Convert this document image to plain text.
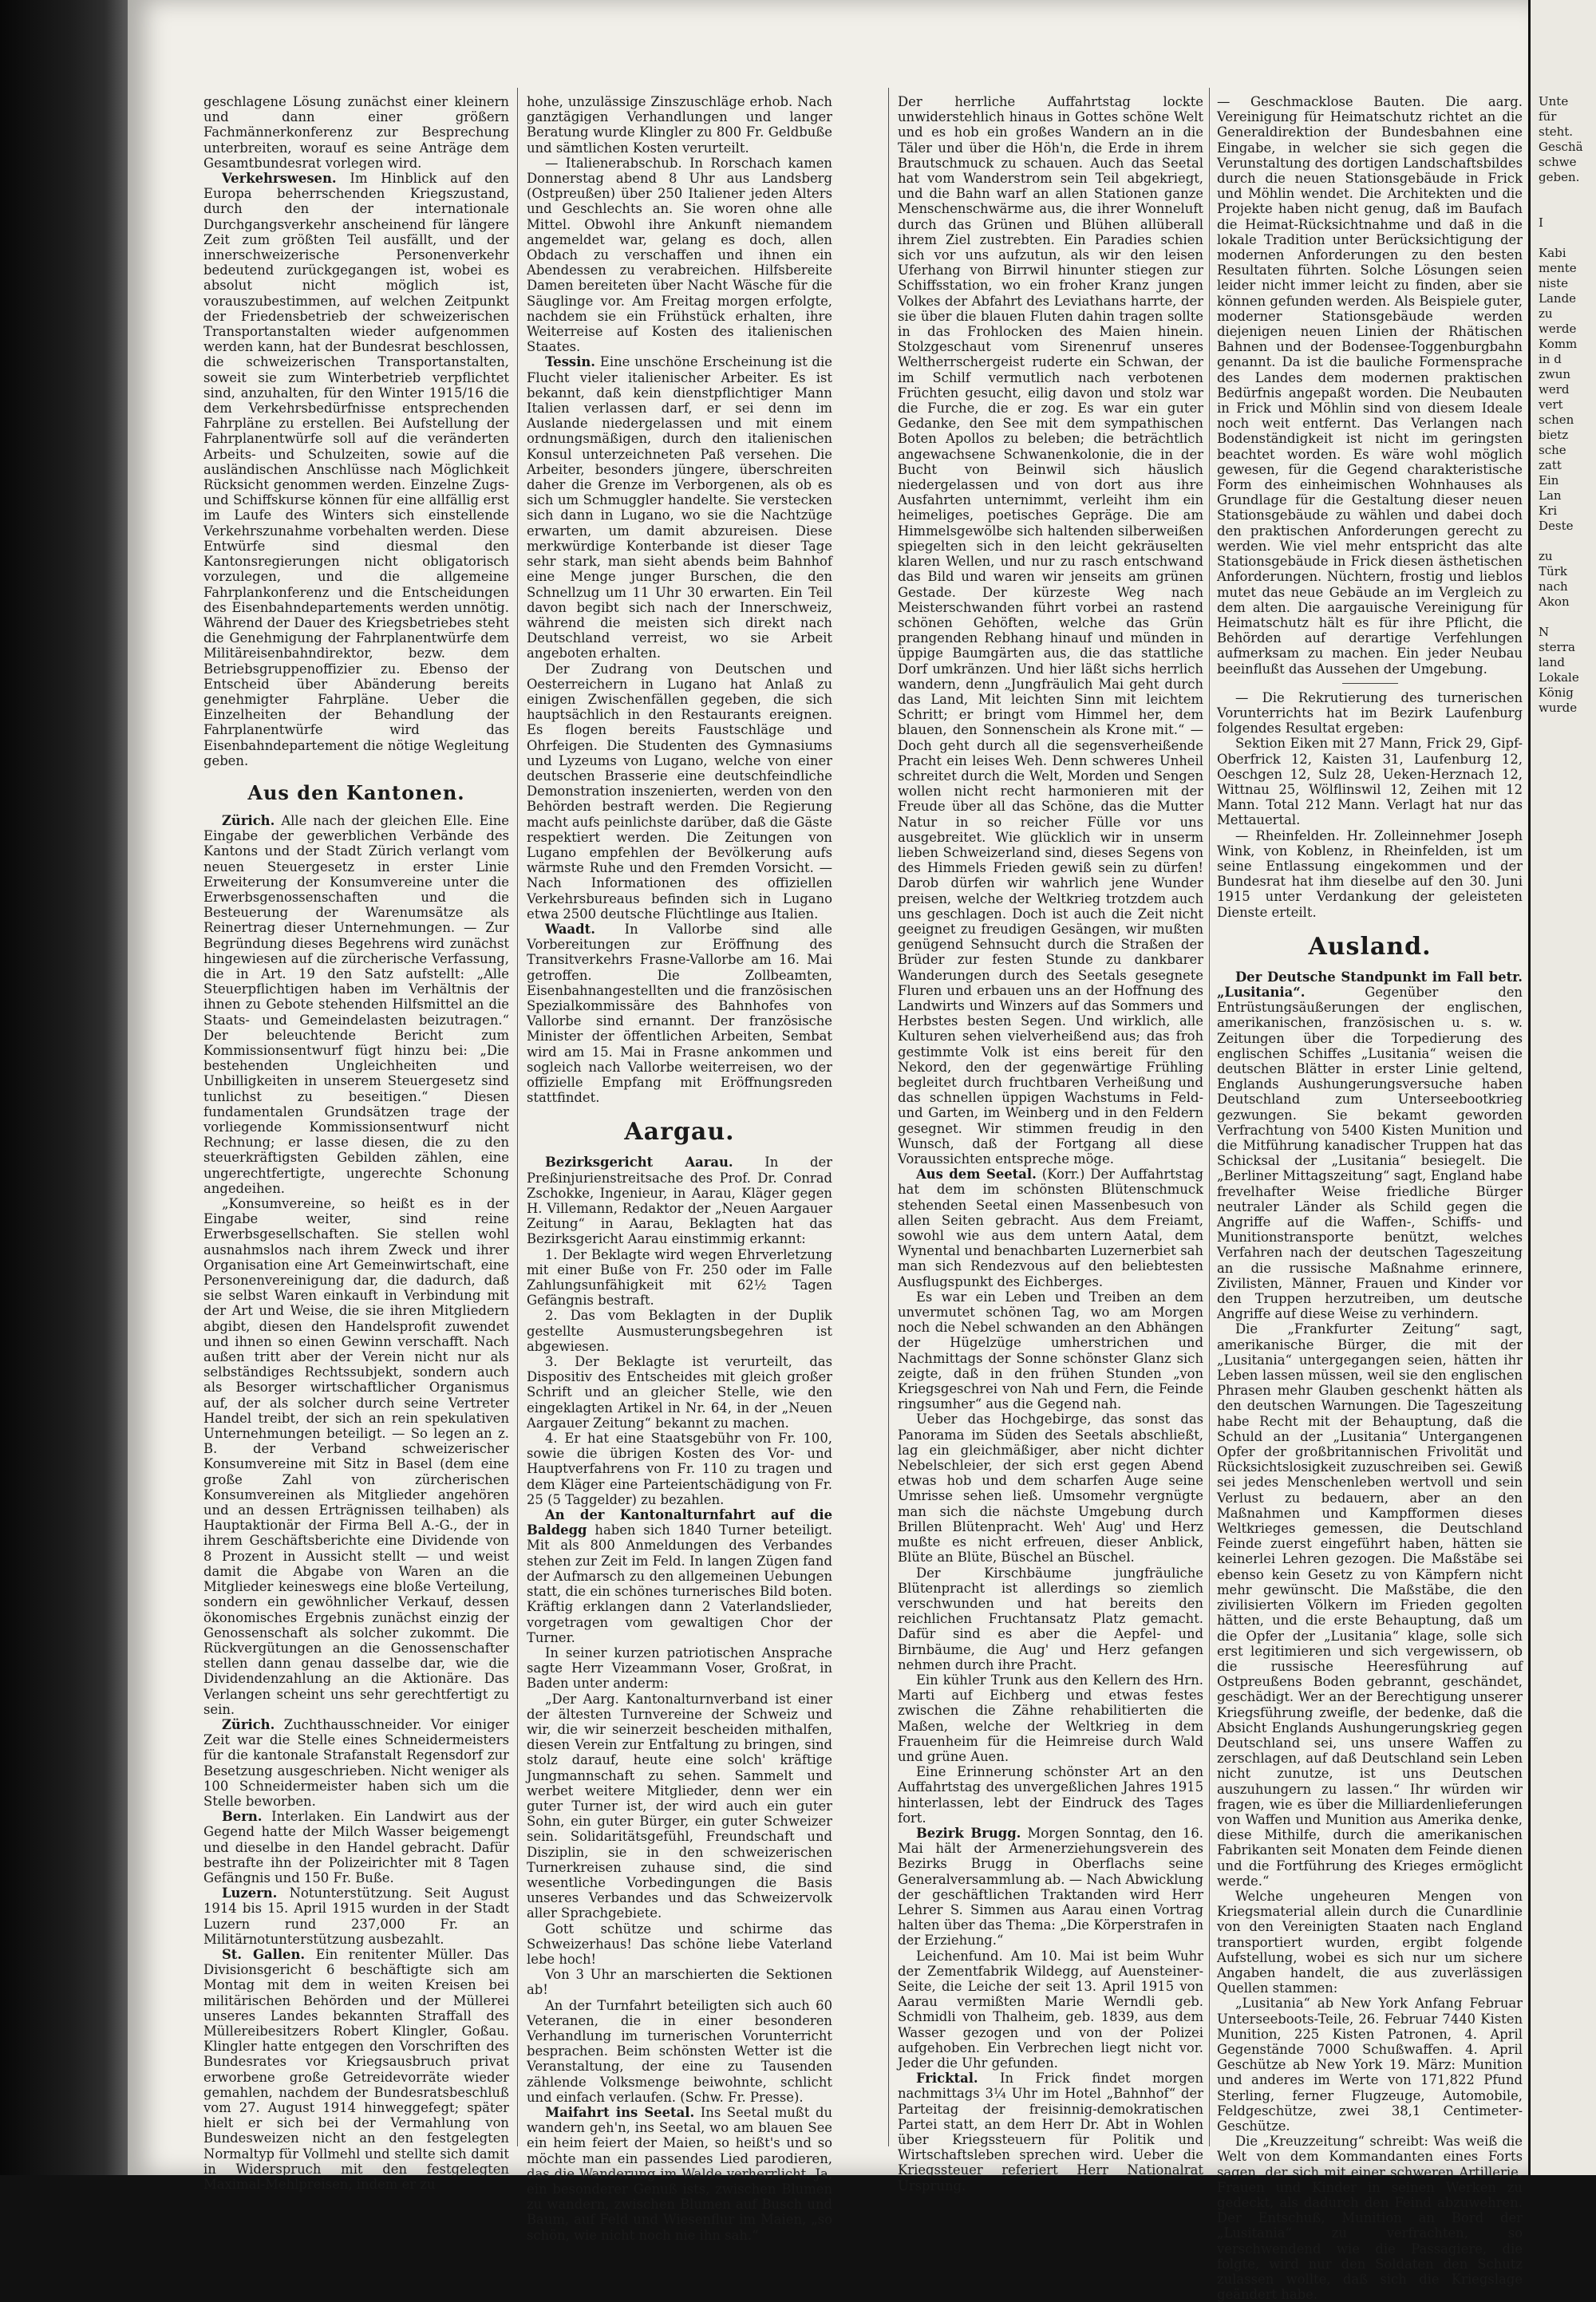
geschlagene Lösung zunächst einer kleinern und dann einer größern Fachmännerkonferenz zur Besprechung unterbreiten, worauf es seine Anträge dem Gesamtbundesrat vorlegen wird.

Verkehrswesen. Im Hinblick auf den Europa beherrschenden Kriegszustand, durch den der internationale Durchgangsverkehr anscheinend für längere Zeit zum größten Teil ausfällt, und der innerschweizerische Personenverkehr bedeutend zurückgegangen ist, wobei es absolut nicht möglich ist, vorauszubestimmen, auf welchen Zeitpunkt der Friedensbetrieb der schweizerischen Transportanstalten wieder aufgenommen werden kann, hat der Bundesrat beschlossen, die schweizerischen Transportanstalten, soweit sie zum Winterbetrieb verpflichtet sind, anzuhalten, für den Winter 1915/16 die dem Verkehrsbedürfnisse entsprechenden Fahrpläne zu erstellen. Bei Aufstellung der Fahrplanentwürfe soll auf die veränderten Arbeits- und Schulzeiten, sowie auf die ausländischen Anschlüsse nach Möglichkeit Rücksicht genommen werden. Einzelne Zugs- und Schiffskurse können für eine allfällig erst im Laufe des Winters sich einstellende Verkehrszunahme vorbehalten werden. Diese Entwürfe sind diesmal den Kantonsregierungen nicht obligatorisch vorzulegen, und die allgemeine Fahrplankonferenz und die Entscheidungen des Eisenbahndepartements werden unnötig. Während der Dauer des Kriegsbetriebes steht die Genehmigung der Fahrplanentwürfe dem Militäreisenbahndirektor, bezw. dem Betriebsgruppenoffizier zu. Ebenso der Entscheid über Abänderung bereits genehmigter Fahrpläne. Ueber die Einzelheiten der Behandlung der Fahrplanentwürfe wird das Eisenbahndepartement die nötige Wegleitung geben.

Aus den Kantonen.

Zürich. Alle nach der gleichen Elle. Eine Eingabe der gewerblichen Verbände des Kantons und der Stadt Zürich verlangt vom neuen Steuergesetz in erster Linie Erweiterung der Konsumvereine unter die Erwerbsgenossenschaften und die Besteuerung der Warenumsätze als Reinertrag dieser Unternehmungen. — Zur Begründung dieses Begehrens wird zunächst hingewiesen auf die zürcherische Verfassung, die in Art. 19 den Satz aufstellt: „Alle Steuerpflichtigen haben im Verhältnis der ihnen zu Gebote stehenden Hilfsmittel an die Staats- und Gemeindelasten beizutragen.“ Der beleuchtende Bericht zum Kommissionsentwurf fügt hinzu bei: „Die bestehenden Ungleichheiten und Unbilligkeiten in unserem Steuergesetz sind tunlichst zu beseitigen.“ Diesen fundamentalen Grundsätzen trage der vorliegende Kommissionsentwurf nicht Rechnung; er lasse diesen, die zu den steuerkräftigsten Gebilden zählen, eine ungerechtfertigte, ungerechte Schonung angedeihen.

„Konsumvereine, so heißt es in der Eingabe weiter, sind reine Erwerbsgesellschaften. Sie stellen wohl ausnahmslos nach ihrem Zweck und ihrer Organisation eine Art Gemeinwirtschaft, eine Personenvereinigung dar, die dadurch, daß sie selbst Waren einkauft in Verbindung mit der Art und Weise, die sie ihren Mitgliedern abgibt, diesen den Handelsprofit zuwendet und ihnen so einen Gewinn verschafft. Nach außen tritt aber der Verein nicht nur als selbständiges Rechtssubjekt, sondern auch als Besorger wirtschaftlicher Organismus auf, der als solcher durch seine Vertreter Handel treibt, der sich an rein spekulativen Unternehmungen beteiligt. — So legen an z. B. der Verband schweizerischer Konsumvereine mit Sitz in Basel (dem eine große Zahl von zürcherischen Konsumvereinen als Mitglieder angehören und an dessen Erträgnissen teilhaben) als Hauptaktionär der Firma Bell A.-G., der in ihrem Geschäftsberichte eine Dividende von 8 Prozent in Aussicht stellt — und weist damit die Abgabe von Waren an die Mitglieder keineswegs eine bloße Verteilung, sondern ein gewöhnlicher Verkauf, dessen ökonomisches Ergebnis zunächst einzig der Genossenschaft als solcher zukommt. Die Rückvergütungen an die Genossenschafter stellen dann genau dasselbe dar, wie die Dividendenzahlung an die Aktionäre. Das Verlangen scheint uns sehr gerechtfertigt zu sein.

Zürich. Zuchthausschneider. Vor einiger Zeit war die Stelle eines Schneidermeisters für die kantonale Strafanstalt Regensdorf zur Besetzung ausgeschrieben. Nicht weniger als 100 Schneidermeister haben sich um die Stelle beworben.

Bern. Interlaken. Ein Landwirt aus der Gegend hatte der Milch Wasser beigemengt und dieselbe in den Handel gebracht. Dafür bestrafte ihn der Polizeirichter mit 8 Tagen Gefängnis und 150 Fr. Buße.

Luzern. Notunterstützung. Seit August 1914 bis 15. April 1915 wurden in der Stadt Luzern rund 237,000 Fr. an Militärnotunterstützung ausbezahlt.

St. Gallen. Ein renitenter Müller. Das Divisionsgericht 6 beschäftigte sich am Montag mit dem in weiten Kreisen bei militärischen Behörden und der Müllerei unseres Landes bekannten Straffall des Müllereibesitzers Robert Klingler, Goßau. Klingler hatte entgegen den Vorschriften des Bundesrates vor Kriegsausbruch privat erworbene große Getreidevorräte wieder gemahlen, nachdem der Bundesratsbeschluß vom 27. August 1914 hinweggefegt; später hielt er sich bei der Vermahlung von Bundesweizen nicht an den festgelegten Normaltyp für Vollmehl und stellte sich damit in Widerspruch mit den festgelegten Maximal-Mehlpreisen, indem er zu

hohe, unzulässige Zinszuschläge erhob. Nach ganztägigen Verhandlungen und langer Beratung wurde Klingler zu 800 Fr. Geldbuße und sämtlichen Kosten verurteilt.

— Italienerabschub. In Rorschach kamen Donnerstag abend 8 Uhr aus Landsberg (Ostpreußen) über 250 Italiener jeden Alters und Geschlechts an. Sie woren ohne alle Mittel. Obwohl ihre Ankunft niemandem angemeldet war, gelang es doch, allen Obdach zu verschaffen und ihnen ein Abendessen zu verabreichen. Hilfsbereite Damen bereiteten über Nacht Wäsche für die Säuglinge vor. Am Freitag morgen erfolgte, nachdem sie ein Frühstück erhalten, ihre Weiterreise auf Kosten des italienischen Staates.

Tessin. Eine unschöne Erscheinung ist die Flucht vieler italienischer Arbeiter. Es ist bekannt, daß kein dienstpflichtiger Mann Italien verlassen darf, er sei denn im Auslande niedergelassen und mit einem ordnungsmäßigen, durch den italienischen Konsul unterzeichneten Paß versehen. Die Arbeiter, besonders jüngere, überschreiten daher die Grenze im Verborgenen, als ob es sich um Schmuggler handelte. Sie verstecken sich dann in Lugano, wo sie die Nachtzüge erwarten, um damit abzureisen. Diese merkwürdige Konterbande ist dieser Tage sehr stark, man sieht abends beim Bahnhof eine Menge junger Burschen, die den Schnellzug um 11 Uhr 30 erwarten. Ein Teil davon begibt sich nach der Innerschweiz, während die meisten sich direkt nach Deutschland verreist, wo sie Arbeit angeboten erhalten.

Der Zudrang von Deutschen und Oesterreichern in Lugano hat Anlaß zu einigen Zwischenfällen gegeben, die sich hauptsächlich in den Restaurants ereignen. Es flogen bereits Faustschläge und Ohrfeigen. Die Studenten des Gymnasiums und Lyzeums von Lugano, welche von einer deutschen Brasserie eine deutschfeindliche Demonstration inszenierten, werden von den Behörden bestraft werden. Die Regierung macht aufs peinlichste darüber, daß die Gäste respektiert werden. Die Zeitungen von Lugano empfehlen der Bevölkerung aufs wärmste Ruhe und den Fremden Vorsicht. — Nach Informationen des offiziellen Verkehrsbureaus befinden sich in Lugano etwa 2500 deutsche Flüchtlinge aus Italien.

Waadt. In Vallorbe sind alle Vorbereitungen zur Eröffnung des Transitverkehrs Frasne-Vallorbe am 16. Mai getroffen. Die Zollbeamten, Eisenbahnangestellten und die französischen Spezialkommissäre des Bahnhofes von Vallorbe sind ernannt. Der französische Minister der öffentlichen Arbeiten, Sembat wird am 15. Mai in Frasne ankommen und sogleich nach Vallorbe weiterreisen, wo der offizielle Empfang mit Eröffnungsreden stattfindet.

Aargau.

Bezirksgericht Aarau. In der Preßinjurienstreitsache des Prof. Dr. Conrad Zschokke, Ingenieur, in Aarau, Kläger gegen H. Villemann, Redaktor der „Neuen Aargauer Zeitung“ in Aarau, Beklagten hat das Bezirksgericht Aarau einstimmig erkannt:

1. Der Beklagte wird wegen Ehrverletzung mit einer Buße von Fr. 250 oder im Falle Zahlungsunfähigkeit mit 62½ Tagen Gefängnis bestraft.

2. Das vom Beklagten in der Duplik gestellte Ausmusterungsbegehren ist abgewiesen.

3. Der Beklagte ist verurteilt, das Dispositiv des Entscheides mit gleich großer Schrift und an gleicher Stelle, wie den eingeklagten Artikel in Nr. 64, in der „Neuen Aargauer Zeitung“ bekannt zu machen.

4. Er hat eine Staatsgebühr von Fr. 100, sowie die übrigen Kosten des Vor- und Hauptverfahrens von Fr. 110 zu tragen und dem Kläger eine Parteientschädigung von Fr. 25 (5 Taggelder) zu bezahlen.

An der Kantonalturnfahrt auf die Baldegg haben sich 1840 Turner beteiligt. Mit als 800 Anmeldungen des Verbandes stehen zur Zeit im Feld. In langen Zügen fand der Aufmarsch zu den allgemeinen Uebungen statt, die ein schönes turnerisches Bild boten. Kräftig erklangen dann 2 Vaterlandslieder, vorgetragen vom gewaltigen Chor der Turner.

In seiner kurzen patriotischen Ansprache sagte Herr Vizeammann Voser, Großrat, in Baden unter anderm:

„Der Aarg. Kantonalturnverband ist einer der ältesten Turnvereine der Schweiz und wir, die wir seinerzeit bescheiden mithalfen, diesen Verein zur Entfaltung zu bringen, sind stolz darauf, heute eine solch' kräftige Jungmannschaft zu sehen. Sammelt und werbet weitere Mitglieder, denn wer ein guter Turner ist, der wird auch ein guter Sohn, ein guter Bürger, ein guter Schweizer sein. Solidaritätsgefühl, Freundschaft und Disziplin, sie in den schweizerischen Turnerkreisen zuhause sind, die sind wesentliche Vorbedingungen die Basis unseres Verbandes und das Schweizervolk aller Sprachgebiete.

Gott schütze und schirme das Schweizerhaus! Das schöne liebe Vaterland lebe hoch!

Von 3 Uhr an marschierten die Sektionen ab!

An der Turnfahrt beteiligten sich auch 60 Veteranen, die in einer besonderen Verhandlung im turnerischen Vorunterricht besprachen. Beim schönsten Wetter ist die Veranstaltung, der eine zu Tausenden zählende Volksmenge beiwohnte, schlicht und einfach verlaufen. (Schw. Fr. Presse).

Maifahrt ins Seetal. Ins Seetal mußt du wandern geh'n, ins Seetal, wo am blauen See ein heim feiert der Maien, so heißt's und so möchte man ein passendes Lied parodieren, das die Wanderung im Walde verherrlicht. Ja, ein besonderer Genuß ists, zwischen Blumen zu wandern, zwischen Blumen auf Busch und Baum, auf Feld und Wiesenflur im Maien, „so schön, wie nicht noch nie ihn sah.“

Der herrliche Auffahrtstag lockte unwiderstehlich hinaus in Gottes schöne Welt und es hob ein großes Wandern an in die Täler und über die Höh'n, die Erde in ihrem Brautschmuck zu schauen. Auch das Seetal hat vom Wanderstrom sein Teil abgekriegt, und die Bahn warf an allen Stationen ganze Menschenschwärme aus, die ihrer Wonneluft durch das Grünen und Blühen allüberall ihrem Ziel zustrebten. Ein Paradies schien sich vor uns aufzutun, als wir den leisen Uferhang von Birrwil hinunter stiegen zur Schiffsstation, wo ein froher Kranz jungen Volkes der Abfahrt des Leviathans harrte, der sie über die blauen Fluten dahin tragen sollte in das Frohlocken des Maien hinein. Stolzgeschaut vom Sirenenruf unseres Weltherrschergeist ruderte ein Schwan, der im Schilf vermutlich nach verbotenen Früchten gesucht, eilig davon und stolz war die Furche, die er zog. Es war ein guter Gedanke, den See mit dem sympathischen Boten Apollos zu beleben; die beträchtlich angewachsene Schwanenkolonie, die in der Bucht von Beinwil sich häuslich niedergelassen und von dort aus ihre Ausfahrten unternimmt, verleiht ihm ein heimeliges, poetisches Gepräge. Die am Himmelsgewölbe sich haltenden silberweißen spiegelten sich in den leicht gekräuselten klaren Wellen, und nur zu rasch entschwand das Bild und waren wir jenseits am grünen Gestade. Der kürzeste Weg nach Meisterschwanden führt vorbei an rastend schönen Gehöften, welche das Grün prangenden Rebhang hinauf und münden in üppige Baumgärten aus, die das stattliche Dorf umkränzen. Und hier läßt sichs herrlich wandern, denn „Jungfräulich Mai geht durch das Land, Mit leichten Sinn mit leichtem Schritt; er bringt vom Himmel her, dem blauen, den Sonnenschein als Krone mit.“ — Doch geht durch all die segensverheißende Pracht ein leises Weh. Denn schweres Unheil schreitet durch die Welt, Morden und Sengen wollen nicht recht harmonieren mit der Freude über all das Schöne, das die Mutter Natur in so reicher Fülle vor uns ausgebreitet. Wie glücklich wir in unserm lieben Schweizerland sind, dieses Segens von des Himmels Frieden gewiß sein zu dürfen! Darob dürfen wir wahrlich jene Wunder preisen, welche der Weltkrieg trotzdem auch uns geschlagen. Doch ist auch die Zeit nicht geeignet zu freudigen Gesängen, wir mußten genügend Sehnsucht durch die Straßen der Brüder zur festen Stunde zu dankbarer Wanderungen durch des Seetals gesegnete Fluren und erbauen uns an der Hoffnung des Landwirts und Winzers auf das Sommers und Herbstes besten Segen. Und wirklich, alle Kulturen sehen vielverheißend aus; das froh gestimmte Volk ist eins bereit für den Nekord, den der gegenwärtige Frühling begleitet durch fruchtbaren Verheißung und das schnellen üppigen Wachstums in Feld- und Garten, im Weinberg und in den Feldern gesegnet. Wir stimmen freudig in den Wunsch, daß der Fortgang all diese Voraussichten entspreche möge.

Aus dem Seetal. (Korr.) Der Auffahrtstag hat dem im schönsten Blütenschmuck stehenden Seetal einen Massenbesuch von allen Seiten gebracht. Aus dem Freiamt, sowohl wie aus dem untern Aatal, dem Wynental und benachbarten Luzernerbiet sah man sich Rendezvous auf den beliebtesten Ausflugspunkt des Eichberges.

Es war ein Leben und Treiben an dem unvermutet schönen Tag, wo am Morgen noch die Nebel schwanden an den Abhängen der Hügelzüge umherstrichen und Nachmittags der Sonne schönster Glanz sich zeigte, daß in den frühen Stunden „von Kriegsgeschrei von Nah und Fern, die Feinde ringsumher“ aus die Gegend nah.

Ueber das Hochgebirge, das sonst das Panorama im Süden des Seetals abschließt, lag ein gleichmäßiger, aber nicht dichter Nebelschleier, der sich erst gegen Abend etwas hob und dem scharfen Auge seine Umrisse sehen ließ. Umsomehr vergnügte man sich die nächste Umgebung durch Brillen Blütenpracht. Weh' Aug' und Herz mußte es nicht erfreuen, dieser Anblick, Blüte an Blüte, Büschel an Büschel.

Der Kirschbäume jungfräuliche Blütenpracht ist allerdings so ziemlich verschwunden und hat bereits den reichlichen Fruchtansatz Platz gemacht. Dafür sind es aber die Aepfel- und Birnbäume, die Aug' und Herz gefangen nehmen durch ihre Pracht.

Ein kühler Trunk aus den Kellern des Hrn. Marti auf Eichberg und etwas festes zwischen die Zähne rehabilitierten die Maßen, welche der Weltkrieg in dem Frauenheim für die Heimreise durch Wald und grüne Auen.

Eine Erinnerung schönster Art an den Auffahrtstag des unvergeßlichen Jahres 1915 hinterlassen, lebt der Eindruck des Tages fort.

Bezirk Brugg. Morgen Sonntag, den 16. Mai hält der Armenerziehungsverein des Bezirks Brugg in Oberflachs seine Generalversammlung ab. — Nach Abwicklung der geschäftlichen Traktanden wird Herr Lehrer S. Simmen aus Aarau einen Vortrag halten über das Thema: „Die Körperstrafen in der Erziehung.“

Leichenfund. Am 10. Mai ist beim Wuhr der Zementfabrik Wildegg, auf Auensteiner-Seite, die Leiche der seit 13. April 1915 von Aarau vermißten Marie Werndli geb. Schmidli von Thalheim, geb. 1839, aus dem Wasser gezogen und von der Polizei aufgehoben. Ein Verbrechen liegt nicht vor. Jeder die Uhr gefunden.

Fricktal. In Frick findet morgen nachmittags 3¼ Uhr im Hotel „Bahnhof“ der Parteitag der freisinnig-demokratischen Partei statt, an dem Herr Dr. Abt in Wohlen über Kriegssteuern für Politik und Wirtschaftsleben sprechen wird. Ueber die Kriegssteuer referiert Herr Nationalrat Ursprung.

— Geschmacklose Bauten. Die aarg. Vereinigung für Heimatschutz richtet an die Generaldirektion der Bundesbahnen eine Eingabe, in welcher sie sich gegen die Verunstaltung des dortigen Landschaftsbildes durch die neuen Stationsgebäude in Frick und Möhlin wendet. Die Architekten und die Projekte haben nicht genug, daß im Baufach die Heimat-Rücksichtnahme und daß in die lokale Tradition unter Berücksichtigung der modernen Anforderungen zu den besten Resultaten führten. Solche Lösungen seien leider nicht immer leicht zu finden, aber sie können gefunden werden. Als Beispiele guter, moderner Stationsgebäude werden diejenigen neuen Linien der Rhätischen Bahnen und der Bodensee-Toggenburgbahn genannt. Da ist die bauliche Formensprache des Landes dem modernen praktischen Bedürfnis angepaßt worden. Die Neubauten in Frick und Möhlin sind von diesem Ideale noch weit entfernt. Das Verlangen nach Bodenständigkeit ist nicht im geringsten beachtet worden. Es wäre wohl möglich gewesen, für die Gegend charakteristische Form des einheimischen Wohnhauses als Grundlage für die Gestaltung dieser neuen Stationsgebäude zu wählen und dabei doch den praktischen Anforderungen gerecht zu werden. Wie viel mehr entspricht das alte Stationsgebäude in Frick diesen ästhetischen Anforderungen. Nüchtern, frostig und lieblos mutet das neue Gebäude an im Vergleich zu dem alten. Die aargauische Vereinigung für Heimatschutz hält es für ihre Pflicht, die Behörden auf derartige Verfehlungen aufmerksam zu machen. Ein jeder Neubau beeinflußt das Aussehen der Umgebung.

— Die Rekrutierung des turnerischen Vorunterrichts hat im Bezirk Laufenburg folgendes Resultat ergeben:

Sektion Eiken mit 27 Mann, Frick 29, Gipf-Oberfrick 12, Kaisten 31, Laufenburg 12, Oeschgen 12, Sulz 28, Ueken-Herznach 12, Wittnau 25, Wölflinswil 12, Zeihen mit 12 Mann. Total 212 Mann. Verlagt hat nur das Mettauertal.

— Rheinfelden. Hr. Zolleinnehmer Joseph Wink, von Koblenz, in Rheinfelden, ist um seine Entlassung eingekommen und der Bundesrat hat ihm dieselbe auf den 30. Juni 1915 unter Verdankung der geleisteten Dienste erteilt.

Ausland.

Der Deutsche Standpunkt im Fall betr. „Lusitania“.	Gegenüber den Entrüstungsäußerungen der englischen, amerikanischen, französischen u. s. w. Zeitungen über die Torpedierung des englischen Schiffes „Lusitania“ weisen die deutschen Blätter in erster Linie geltend, Englands Aushungerungsversuche haben Deutschland zum Unterseebootkrieg gezwungen. Sie bekamt geworden Verfrachtung von 5400 Kisten Munition und die Mitführung kanadischer Truppen hat das Schicksal der „Lusitania“ besiegelt. Die „Berliner Mittagszeitung“ sagt, England habe frevelhafter Weise friedliche Bürger neutraler Länder als Schild gegen die Angriffe auf die Waffen-, Schiffs- und Munitionstransporte benützt, welches Verfahren nach der deutschen Tageszeitung an die russische Maßnahme erinnere, Zivilisten, Männer, Frauen und Kinder vor den Truppen herzutreiben, um deutsche Angriffe auf diese Weise zu verhindern.

Die „Frankfurter Zeitung“ sagt, amerikanische Bürger, die mit der „Lusitania“ untergegangen seien, hätten ihr Leben lassen müssen, weil sie den englischen Phrasen mehr Glauben geschenkt hätten als den deutschen Warnungen. Die Tageszeitung habe Recht mit der Behauptung, daß die Schuld an der „Lusitania“ Untergangenen Opfer der großbritannischen Frivolität und Rücksichtslosigkeit zuzuschreiben sei. Gewiß sei jedes Menschenleben wertvoll und sein Verlust zu bedauern, aber an den Maßnahmen und Kampfformen dieses Weltkrieges gemessen, die Deutschland Feinde zuerst eingeführt haben, hätten sie keinerlei Lehren gezogen. Die Maßstäbe sei ebenso kein Gesetz zu von Kämpfern nicht mehr gewünscht. Die Maßstäbe, die den zivilisierten Völkern im Frieden gegolten hätten, und die erste Behauptung, daß um die Opfer der „Lusitania“ klage, solle sich erst legitimieren und sich vergewissern, ob die russische Heeresführung auf Ostpreußens Boden gebrannt, geschändet, geschädigt. Wer an der Berechtigung unserer Kriegsführung zweifle, der bedenke, daß die Absicht Englands Aushungerungskrieg gegen Deutschland sei, uns unsere Waffen zu zerschlagen, auf daß Deutschland sein Leben nicht zunutze, ist uns Deutschen auszuhungern zu lassen.“ Ihr würden wir fragen, wie es über die Milliardenlieferungen von Waffen und Munition aus Amerika denke, diese Mithilfe, durch die amerikanischen Fabrikanten seit Monaten dem Feinde dienen und die Fortführung des Krieges ermöglicht werde.“

Welche ungeheuren Mengen von Kriegsmaterial allein durch die Cunardlinie von den Vereinigten Staaten nach England transportiert wurden, ergibt folgende Aufstellung, wobei es sich nur um sichere Angaben handelt, die aus zuverlässigen Quellen stammen:

„Lusitania“ ab New York Anfang Februar Unterseeboots-Teile, 26. Februar 7440 Kisten Munition, 225 Kisten Patronen, 4. April Gegenstände 7000 Schußwaffen. 4. April Geschütze ab New York 19. März: Munition und anderes im Werte von 171,822 Pfund Sterling, ferner Flugzeuge, Automobile, Feldgeschütze, zwei 38,1 Centimeter-Geschütze.

Die „Kreuzzeitung“ schreibt: Was weiß die Welt von dem Kommandanten eines Forts sagen, der sich mit einer schweren Artillerie, Frauen und Kinder in seinen Werken zu gedeckt, als dadurch den Feind abzuwehren. Der Entschuß, Munition an Bord der „Lusitania“ zu verfrachten, so verschwendend wie die Passagiere, die folgte, wird nur den Soldaten den Schutz zulassen wollte, daß sich die Kriegslage geändert habe.

Unte
für
steht.
Geschä
schwe
geben.

I

Kabi
mente
niste
Lande
zu
werde
Komm
in d
zwun
werd
vert
schen
bietz
sche
zatt
Ein
Lan
Kri
Deste

zu
Türk
nach
Akon

N
sterra
land
Lokale
König
wurde
